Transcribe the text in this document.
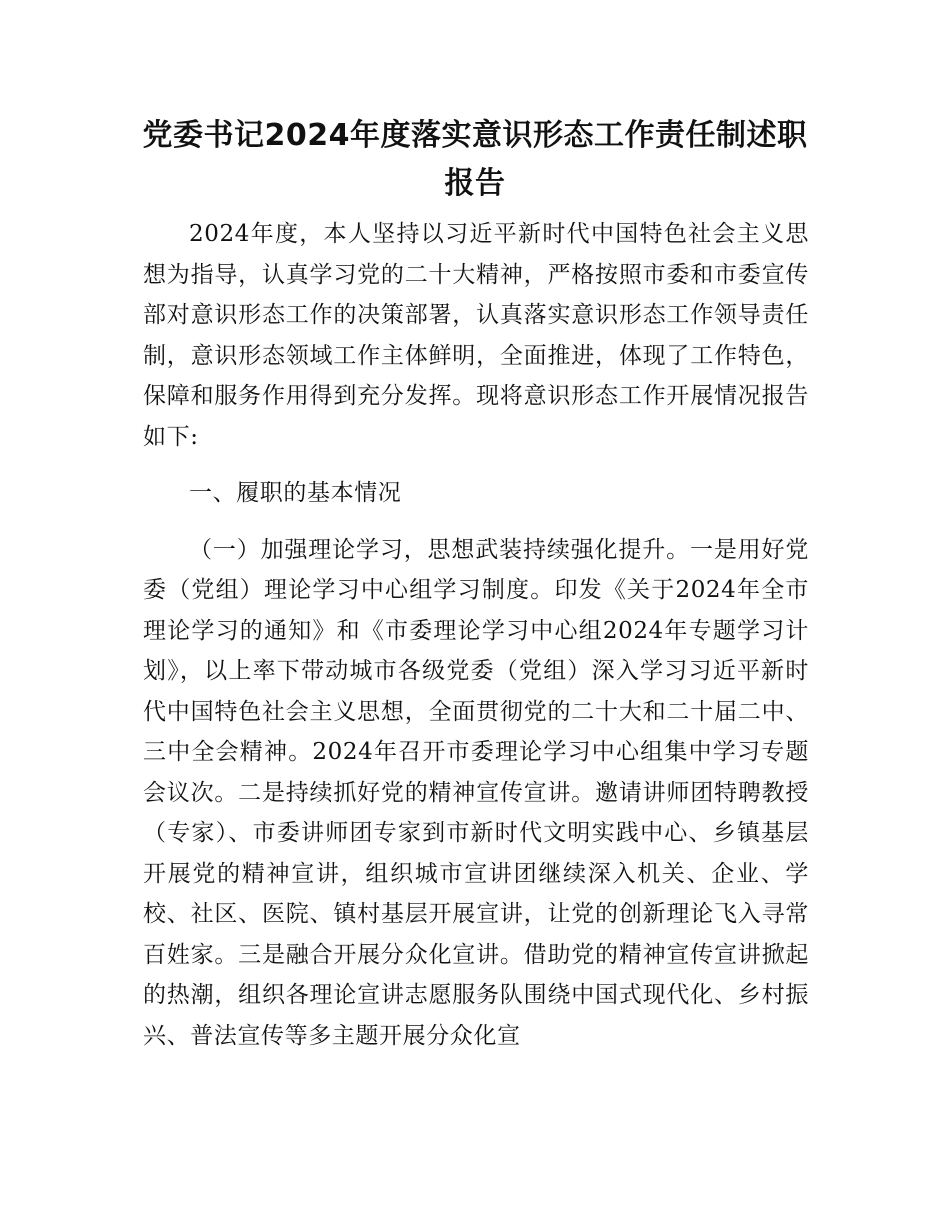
党委书记2024年度落实意识形态工作责任制述职报告

2024年度，本人坚持以习近平新时代中国特色社会主义思想为指导，认真学习党的二十大精神，严格按照市委和市委宣传部对意识形态工作的决策部署，认真落实意识形态工作领导责任制，意识形态领域工作主体鲜明，全面推进，体现了工作特色，保障和服务作用得到充分发挥。现将意识形态工作开展情况报告如下:

一、履职的基本情况

（一）加强理论学习，思想武装持续强化提升。一是用好党委（党组）理论学习中心组学习制度。印发《关于2024年全市理论学习的通知》和《市委理论学习中心组2024年专题学习计划》，以上率下带动城市各级党委（党组）深入学习习近平新时代中国特色社会主义思想，全面贯彻党的二十大和二十届二中、三中全会精神。2024年召开市委理论学习中心组集中学习专题会议次。二是持续抓好党的精神宣传宣讲。邀请讲师团特聘教授（专家）、市委讲师团专家到市新时代文明实践中心、乡镇基层开展党的精神宣讲，组织城市宣讲团继续深入机关、企业、学校、社区、医院、镇村基层开展宣讲，让党的创新理论飞入寻常百姓家。三是融合开展分众化宣讲。借助党的精神宣传宣讲掀起的热潮，组织各理论宣讲志愿服务队围绕中国式现代化、乡村振兴、普法宣传等多主题开展分众化宣
